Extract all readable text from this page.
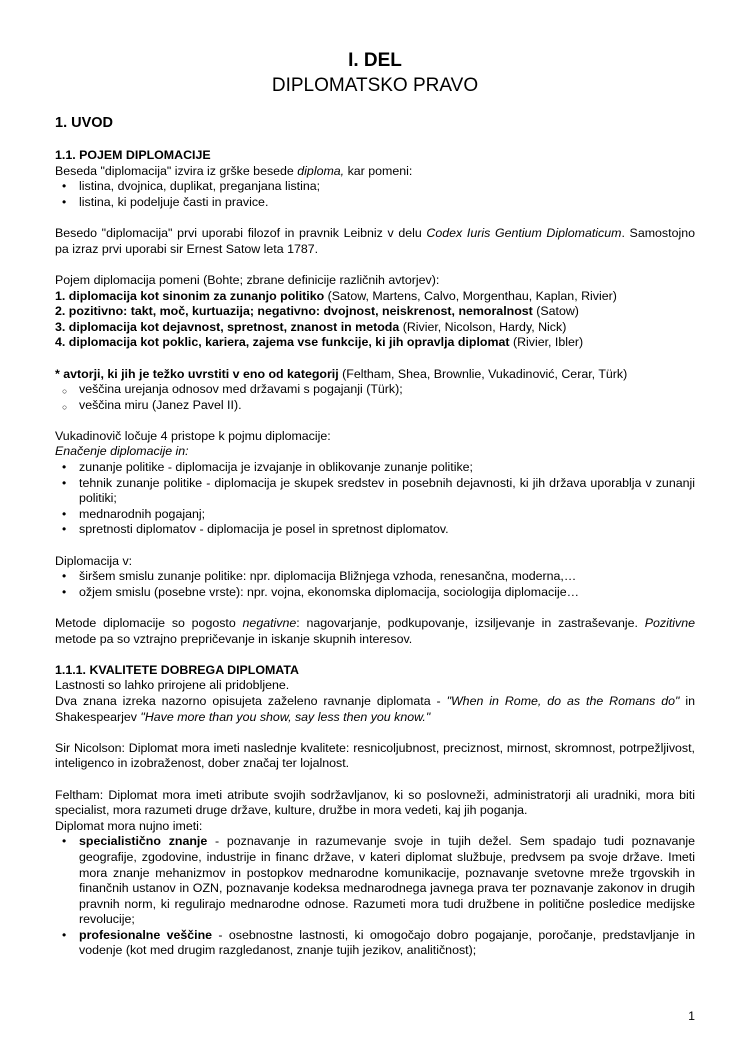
I. DEL
DIPLOMATSKO PRAVO
1. UVOD
1.1. POJEM DIPLOMACIJE
Beseda "diplomacija" izvira iz grške besede diploma, kar pomeni:
• listina, dvojnica, duplikat, preganjana listina;
• listina, ki podeljuje časti in pravice.
Besedo "diplomacija" prvi uporabi filozof in pravnik Leibniz v delu Codex Iuris Gentium Diplomaticum. Samostojno pa izraz prvi uporabi sir Ernest Satow leta 1787.
Pojem diplomacija pomeni (Bohte; zbrane definicije različnih avtorjev):
1. diplomacija kot sinonim za zunanjo politiko (Satow, Martens, Calvo, Morgenthau, Kaplan, Rivier)
2. pozitivno: takt, moč, kurtuazija; negativno: dvojnost, neiskrenost, nemoralnost (Satow)
3. diplomacija kot dejavnost, spretnost, znanost in metoda (Rivier, Nicolson, Hardy, Nick)
4. diplomacija kot poklic, kariera, zajema vse funkcije, ki jih opravlja diplomat (Rivier, Ibler)
* avtorji, ki jih je težko uvrstiti v eno od kategorij (Feltham, Shea, Brownlie, Vukadinović, Cerar, Türk)
○ veščina urejanja odnosov med državami s pogajanji (Türk);
○ veščina miru (Janez Pavel II).
Vukadinovič ločuje 4 pristope k pojmu diplomacije:
Enačenje diplomacije in:
• zunanje politike - diplomacija je izvajanje in oblikovanje zunanje politike;
• tehnik zunanje politike - diplomacija je skupek sredstev in posebnih dejavnosti, ki jih država uporablja v zunanji politiki;
• mednarodnih pogajanj;
• spretnosti diplomatov - diplomacija je posel in spretnost diplomatov.
Diplomacija v:
• širšem smislu zunanje politike: npr. diplomacija Bližnjega vzhoda, renesančna, moderna,…
• ožjem smislu (posebne vrste): npr. vojna, ekonomska diplomacija, sociologija diplomacije…
Metode diplomacije so pogosto negativne: nagovarjanje, podkupovanje, izsiljevanje in zastraševanje. Pozitivne metode pa so vztrajno prepričevanje in iskanje skupnih interesov.
1.1.1. KVALITETE DOBREGA DIPLOMATA
Lastnosti so lahko prirojene ali pridobljene.
Dva znana izreka nazorno opisujeta zaželeno ravnanje diplomata - "When in Rome, do as the Romans do" in Shakespearjev "Have more than you show, say less then you know."
Sir Nicolson: Diplomat mora imeti naslednje kvalitete: resnicoljubnost, preciznost, mirnost, skromnost, potrpežljivost, inteligenco in izobraženost, dober značaj ter lojalnost.
Feltham: Diplomat mora imeti atribute svojih sodržavljanov, ki so poslovneži, administratorji ali uradniki, mora biti specialist, mora razumeti druge države, kulture, družbe in mora vedeti, kaj jih poganja.
Diplomat mora nujno imeti:
• specialistično znanje - poznavanje in razumevanje svoje in tujih dežel. Sem spadajo tudi poznavanje geografije, zgodovine, industrije in financ države, v kateri diplomat službuje, predvsem pa svoje države. Imeti mora znanje mehanizmov in postopkov mednarodne komunikacije, poznavanje svetovne mreže trgovskih in finančnih ustanov in OZN, poznavanje kodeksa mednarodnega javnega prava ter poznavanje zakonov in drugih pravnih norm, ki regulirajo mednarodne odnose. Razumeti mora tudi družbene in politične posledice medijske revolucije;
• profesionalne veščine - osebnostne lastnosti, ki omogočajo dobro pogajanje, poročanje, predstavljanje in vodenje (kot med drugim razgledanost, znanje tujih jezikov, analitičnost);
1
